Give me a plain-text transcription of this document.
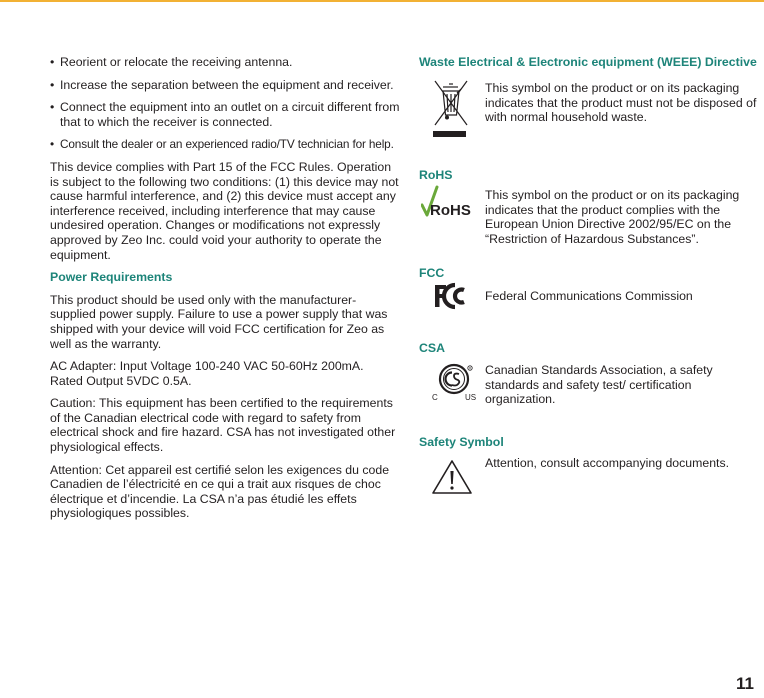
• Reorient or relocate the receiving antenna.

• Increase the separation between the equipment and receiver.

• Connect the equipment into an outlet on a circuit different from that to which the receiver is connected.

• Consult the dealer or an experienced radio/TV technician for help.

This device complies with Part 15 of the FCC Rules. Operation is subject to the following two conditions: (1) this device may not cause harmful interference, and (2) this device must accept any interference received, including interference that may cause undesired operation. Changes or modifications not expressly approved by Zeo Inc. could void your authority to operate the equipment.

Power Requirements

This product should be used only with the manufacturer-supplied power supply. Failure to use a power supply that was shipped with your device will void FCC certification for Zeo as well as the warranty.

AC Adapter: Input Voltage 100-240 VAC 50-60Hz 200mA.
Rated Output 5VDC 0.5A.

Caution: This equipment has been certified to the requirements of the Canadian electrical code with regard to safety from electrical shock and fire hazard. CSA has not investigated other physiological effects.

Attention: Cet appareil est certifié selon les exigences du code Canadien de l’électricité en ce qui a trait aux risques de choc électrique et d’incendie. La CSA n’a pas étudié les effets physiologiques possibles.

Waste Electrical & Electronic equipment (WEEE) Directive

This symbol on the product or on its packaging indicates that the product must not be disposed of with normal household waste.

RoHS

RoHS
This symbol on the product or on its packaging indicates that the product complies with the European Union Directive 2002/95/EC on the “Restriction of Hazardous Substances”.

FCC

Federal Communications Commission

CSA

C	US
Canadian Standards Association, a safety standards and safety test/ certification organization.

Safety Symbol

Attention, consult accompanying documents.
11
